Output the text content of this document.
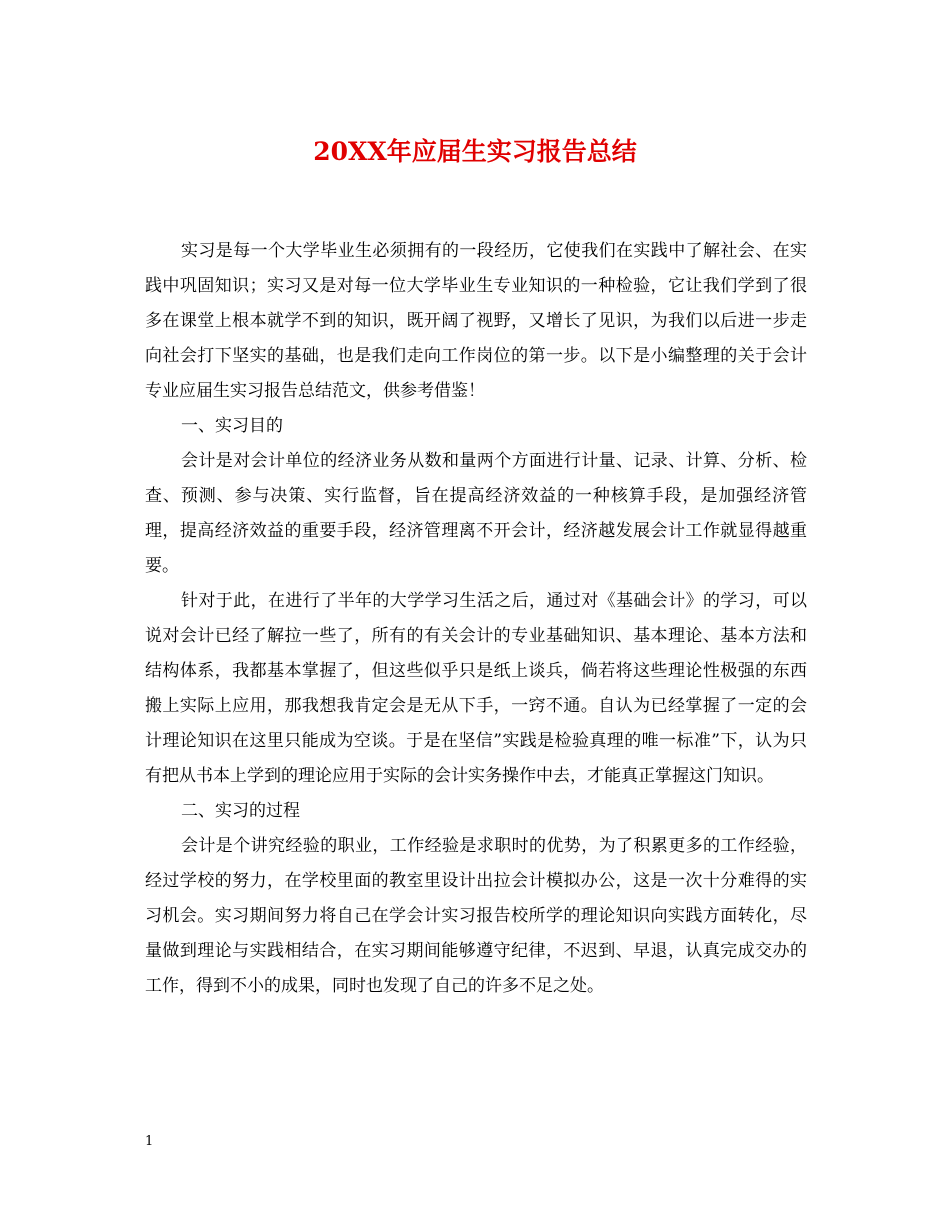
20XX年应届生实习报告总结

实习是每一个大学毕业生必须拥有的一段经历，它使我们在实践中了解社会、在实践中巩固知识；实习又是对每一位大学毕业生专业知识的一种检验，它让我们学到了很多在课堂上根本就学不到的知识，既开阔了视野，又增长了见识，为我们以后进一步走向社会打下坚实的基础，也是我们走向工作岗位的第一步。以下是小编整理的关于会计专业应届生实习报告总结范文，供参考借鉴！

一、实习目的

会计是对会计单位的经济业务从数和量两个方面进行计量、记录、计算、分析、检查、预测、参与决策、实行监督，旨在提高经济效益的一种核算手段，是加强经济管理，提高经济效益的重要手段，经济管理离不开会计，经济越发展会计工作就显得越重要。

针对于此，在进行了半年的大学学习生活之后，通过对《基础会计》的学习，可以说对会计已经了解拉一些了，所有的有关会计的专业基础知识、基本理论、基本方法和结构体系，我都基本掌握了，但这些似乎只是纸上谈兵，倘若将这些理论性极强的东西搬上实际上应用，那我想我肯定会是无从下手，一窍不通。自认为已经掌握了一定的会计理论知识在这里只能成为空谈。于是在坚信”实践是检验真理的唯一标准”下，认为只有把从书本上学到的理论应用于实际的会计实务操作中去，才能真正掌握这门知识。

二、实习的过程

会计是个讲究经验的职业，工作经验是求职时的优势，为了积累更多的工作经验，经过学校的努力，在学校里面的教室里设计出拉会计模拟办公，这是一次十分难得的实习机会。实习期间努力将自己在学会计实习报告校所学的理论知识向实践方面转化，尽量做到理论与实践相结合，在实习期间能够遵守纪律，不迟到、早退，认真完成交办的工作，得到不小的成果，同时也发现了自己的许多不足之处。

1
